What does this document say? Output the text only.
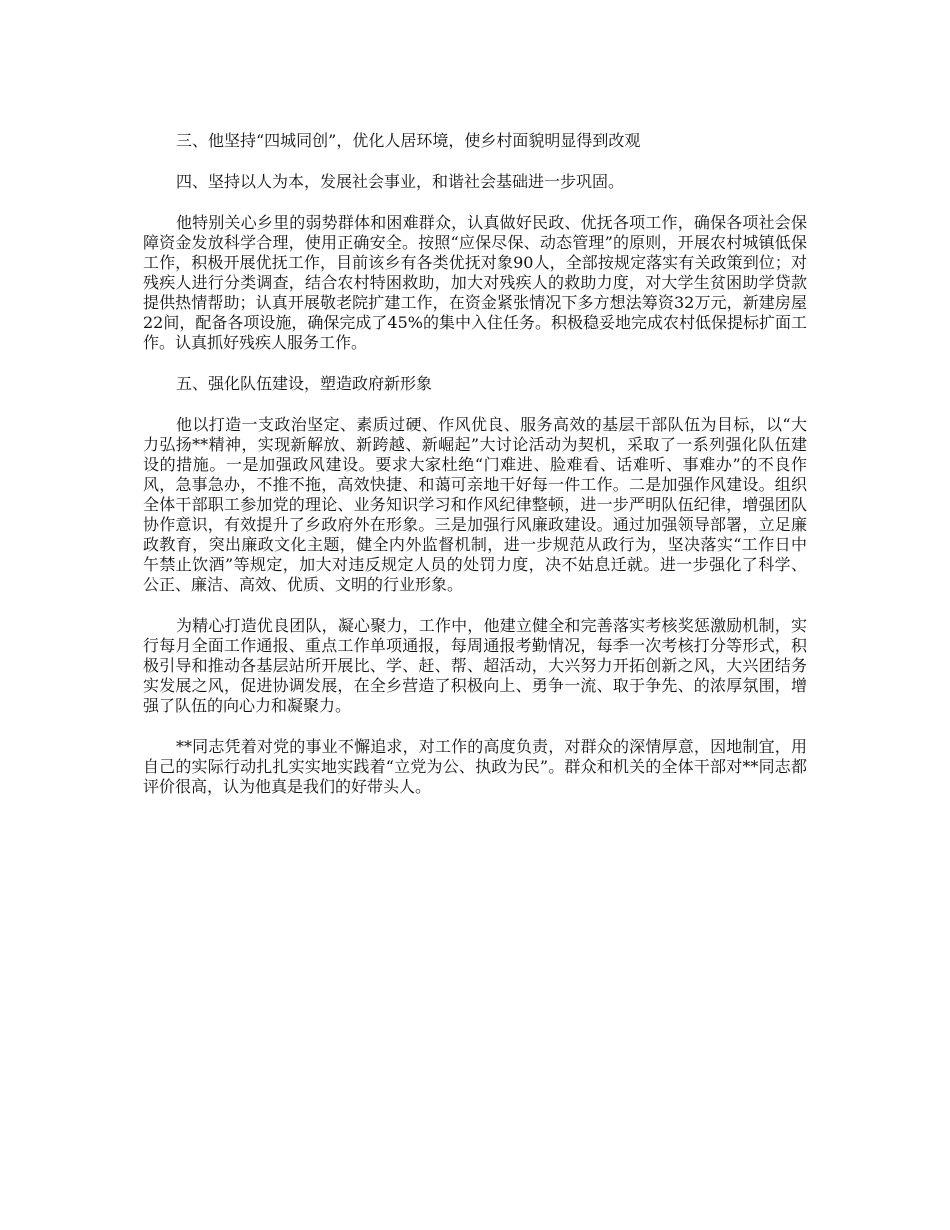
三、他坚持“四城同创”，优化人居环境，使乡村面貌明显得到改观

四、坚持以人为本，发展社会事业，和谐社会基础进一步巩固。

他特别关心乡里的弱势群体和困难群众，认真做好民政、优抚各项工作，确保各项社会保障资金发放科学合理，使用正确安全。按照“应保尽保、动态管理”的原则，开展农村城镇低保工作，积极开展优抚工作，目前该乡有各类优抚对象90人，全部按规定落实有关政策到位；对残疾人进行分类调查，结合农村特困救助，加大对残疾人的救助力度，对大学生贫困助学贷款提供热情帮助；认真开展敬老院扩建工作，在资金紧张情况下多方想法筹资32万元，新建房屋22间，配备各项设施，确保完成了45%的集中入住任务。积极稳妥地完成农村低保提标扩面工作。认真抓好残疾人服务工作。

五、强化队伍建设，塑造政府新形象

他以打造一支政治坚定、素质过硬、作风优良、服务高效的基层干部队伍为目标，以“大力弘扬**精神，实现新解放、新跨越、新崛起”大讨论活动为契机，采取了一系列强化队伍建设的措施。一是加强政风建设。要求大家杜绝“门难进、脸难看、话难听、事难办”的不良作风，急事急办，不推不拖，高效快捷、和蔼可亲地干好每一件工作。二是加强作风建设。组织全体干部职工参加党的理论、业务知识学习和作风纪律整顿，进一步严明队伍纪律，增强团队协作意识，有效提升了乡政府外在形象。三是加强行风廉政建设。通过加强领导部署，立足廉政教育，突出廉政文化主题，健全内外监督机制，进一步规范从政行为，坚决落实“工作日中午禁止饮酒”等规定，加大对违反规定人员的处罚力度，决不姑息迁就。进一步强化了科学、公正、廉洁、高效、优质、文明的行业形象。

为精心打造优良团队，凝心聚力，工作中，他建立健全和完善落实考核奖惩激励机制，实行每月全面工作通报、重点工作单项通报，每周通报考勤情况，每季一次考核打分等形式，积极引导和推动各基层站所开展比、学、赶、帮、超活动，大兴努力开拓创新之风，大兴团结务实发展之风，促进协调发展，在全乡营造了积极向上、勇争一流、取于争先、的浓厚氛围，增强了队伍的向心力和凝聚力。

**同志凭着对党的事业不懈追求，对工作的高度负责，对群众的深情厚意，因地制宜，用自己的实际行动扎扎实实地实践着“立党为公、执政为民”。群众和机关的全体干部对**同志都评价很高，认为他真是我们的好带头人。
